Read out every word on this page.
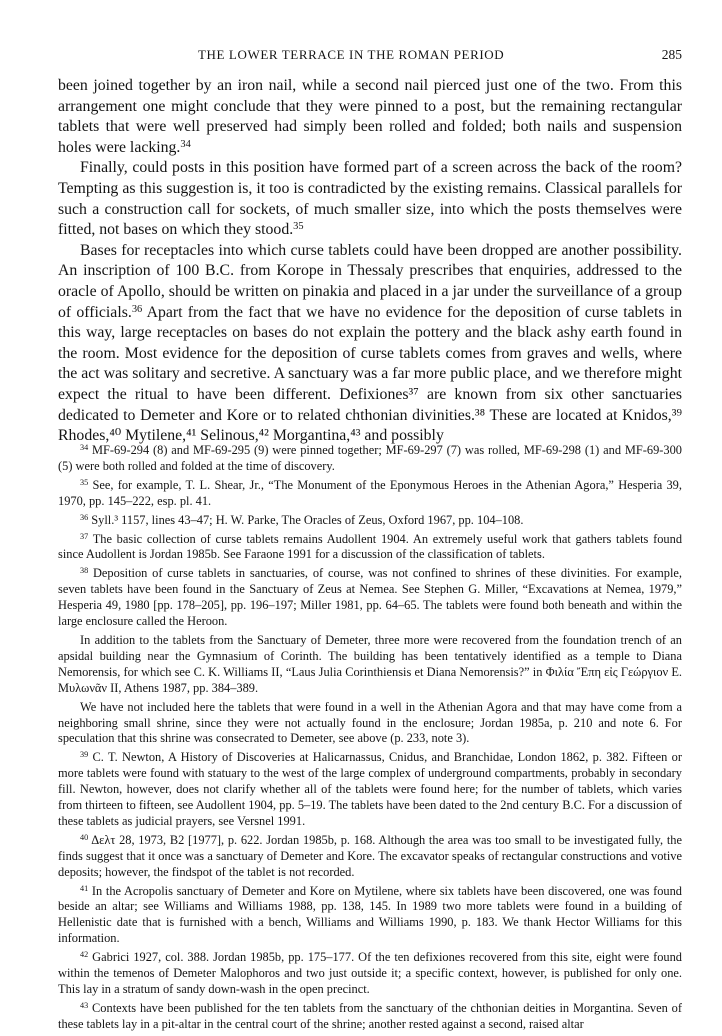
THE LOWER TERRACE IN THE ROMAN PERIOD	285

been joined together by an iron nail, while a second nail pierced just one of the two. From this arrangement one might conclude that they were pinned to a post, but the remaining rectangular tablets that were well preserved had simply been rolled and folded; both nails and suspension holes were lacking.$^{34}$

Finally, could posts in this position have formed part of a screen across the back of the room? Tempting as this suggestion is, it too is contradicted by the existing remains. Classical parallels for such a construction call for sockets, of much smaller size, into which the posts themselves were fitted, not bases on which they stood.$^{35}$

Bases for receptacles into which curse tablets could have been dropped are another possibility. An inscription of 100 B.C. from Korope in Thessaly prescribes that enquiries, addressed to the oracle of Apollo, should be written on pinakia and placed in a jar under the surveillance of a group of officials.$^{36}$ Apart from the fact that we have no evidence for the deposition of curse tablets in this way, large receptacles on bases do not explain the pottery and the black ashy earth found in the room. Most evidence for the deposition of curse tablets comes from graves and wells, where the act was solitary and secretive. A sanctuary was a far more public place, and we therefore might expect the ritual to have been different. Defixiones³⁷ are known from six other sanctuaries dedicated to Demeter and Kore or to related chthonian divinities.³⁸ These are located at Knidos,³⁹ Rhodes,⁴⁰ Mytilene,⁴¹ Selinous,⁴² Morgantina,⁴³ and possibly

$^{34}$ MF-69-294 (8) and MF-69-295 (9) were pinned together; MF-69-297 (7) was rolled, MF-69-298 (1) and MF-69-300 (5) were both rolled and folded at the time of discovery.

$^{35}$ See, for example, T. L. Shear, Jr., “The Monument of the Eponymous Heroes in the Athenian Agora,” Hesperia 39, 1970, pp. 145–222, esp. pl. 41.

$^{36}$ Syll.³ 1157, lines 43–47; H. W. Parke, The Oracles of Zeus, Oxford 1967, pp. 104–108.

$^{37}$ The basic collection of curse tablets remains Audollent 1904. An extremely useful work that gathers tablets found since Audollent is Jordan 1985b. See Faraone 1991 for a discussion of the classification of tablets.

$^{38}$ Deposition of curse tablets in sanctuaries, of course, was not confined to shrines of these divinities. For example, seven tablets have been found in the Sanctuary of Zeus at Nemea. See Stephen G. Miller, “Excavations at Nemea, 1979,” Hesperia 49, 1980 [pp. 178–205], pp. 196–197; Miller 1981, pp. 64–65. The tablets were found both beneath and within the large enclosure called the Heroon.

In addition to the tablets from the Sanctuary of Demeter, three more were recovered from the foundation trench of an apsidal building near the Gymnasium of Corinth. The building has been tentatively identified as a temple to Diana Nemorensis, for which see C. K. Williams II, “Laus Julia Corinthiensis et Diana Nemorensis?” in Φιλία Ἔπη εἰς Γεώργιον Ε. Μυλωνᾶν II, Athens 1987, pp. 384–389.

We have not included here the tablets that were found in a well in the Athenian Agora and that may have come from a neighboring small shrine, since they were not actually found in the enclosure; Jordan 1985a, p. 210 and note 6. For speculation that this shrine was consecrated to Demeter, see above (p. 233, note 3).

$^{39}$ C. T. Newton, A History of Discoveries at Halicarnassus, Cnidus, and Branchidae, London 1862, p. 382. Fifteen or more tablets were found with statuary to the west of the large complex of underground compartments, probably in secondary fill. Newton, however, does not clarify whether all of the tablets were found here; for the number of tablets, which varies from thirteen to fifteen, see Audollent 1904, pp. 5–19. The tablets have been dated to the 2nd century B.C. For a discussion of these tablets as judicial prayers, see Versnel 1991.

$^{40}$ Δελτ 28, 1973, B2 [1977], p. 622. Jordan 1985b, p. 168. Although the area was too small to be investigated fully, the finds suggest that it once was a sanctuary of Demeter and Kore. The excavator speaks of rectangular constructions and votive deposits; however, the findspot of the tablet is not recorded.

$^{41}$ In the Acropolis sanctuary of Demeter and Kore on Mytilene, where six tablets have been discovered, one was found beside an altar; see Williams and Williams 1988, pp. 138, 145. In 1989 two more tablets were found in a building of Hellenistic date that is furnished with a bench, Williams and Williams 1990, p. 183. We thank Hector Williams for this information.

$^{42}$ Gabrici 1927, col. 388. Jordan 1985b, pp. 175–177. Of the ten defixiones recovered from this site, eight were found within the temenos of Demeter Malophoros and two just outside it; a specific context, however, is published for only one. This lay in a stratum of sandy down-wash in the open precinct.

$^{43}$ Contexts have been published for the ten tablets from the sanctuary of the chthonian deities in Morgantina. Seven of these tablets lay in a pit-altar in the central court of the shrine; another rested against a second, raised altar
